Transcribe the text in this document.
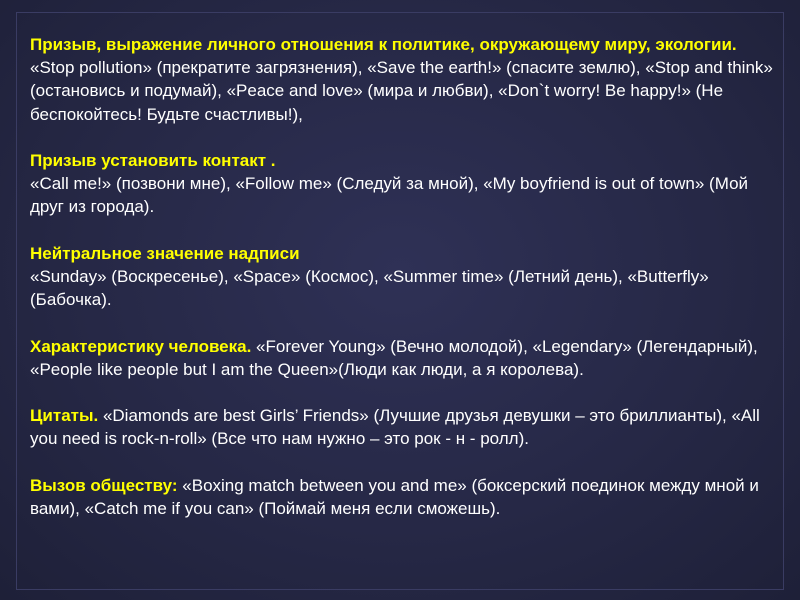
Призыв, выражение личного отношения к политике, окружающему миру, экологии. «Stop pollution» (прекратите загрязнения), «Save the earth!» (спасите землю), «Stop and think» (остановись и подумай), «Peace and love» (мира и любви), «Don`t worry! Be happy!» (Не беспокойтесь! Будьте счастливы!),
Призыв установить контакт .
«Call me!» (позвони мне), «Follow me» (Следуй за мной), «My boyfriend is out of town» (Мой друг из города).
Нейтральное значение надписи
«Sunday» (Воскресенье), «Space» (Космос), «Summer time» (Летний день), «Butterfly» (Бабочка).
Характеристику человека. «Forever Young» (Вечно молодой), «Legendary» (Легендарный), «People like people but I am the Queen»(Люди как люди, а я королева).
Цитаты. «Diamonds are best Girls’ Friends» (Лучшие друзья девушки – это бриллианты), «All you need is rock-n-roll» (Все что нам нужно – это рок - н - ролл).
Вызов обществу: «Boxing match between you and me» (боксерский поединок между мной и вами), «Catch me if you can» (Поймай меня если сможешь).
